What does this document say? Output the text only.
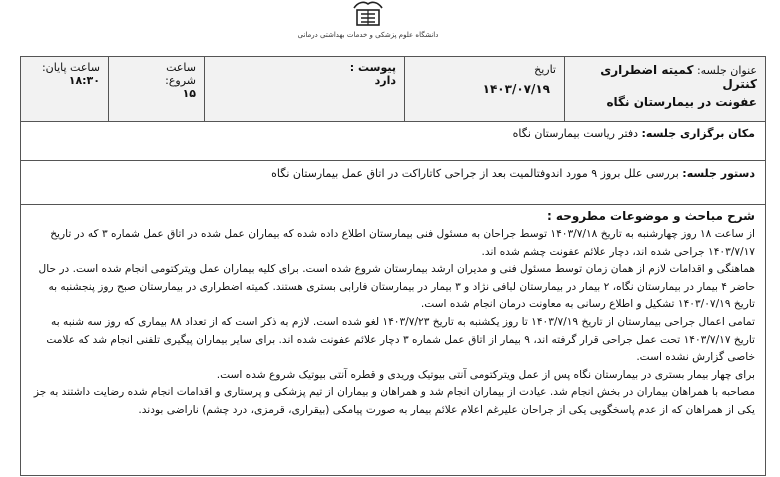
دانشگاه علوم پزشکی و خدمات بهداشتی درمانی
عنوان جلسه: کمیته اضطراری کنترل
عفونت در بیمارستان نگاه
تاریخ
۱۴۰۳/۰۷/۱۹
پیوست :
دارد
ساعت
شروع:
۱۵
ساعت پایان:
۱۸:۳۰
مکان برگزاری جلسه: دفتر ریاست بیمارستان نگاه
دستور جلسه: بررسی علل بروز ۹ مورد اندوفتالمیت بعد از جراحی کاتاراکت در اتاق عمل بیمارستان نگاه
شرح مباحث و موضوعات مطروحه :
از ساعت ۱۸ روز چهارشنبه به تاریخ ۱۴۰۳/۷/۱۸ توسط جراحان به مسئول فنی بیمارستان اطلاع داده شده که بیماران عمل شده در اتاق عمل شماره ۳ که در تاریخ
۱۴۰۳/۷/۱۷ جراحی شده اند، دچار علائم عفونت چشم شده اند.
هماهنگی و اقدامات لازم از همان زمان توسط مسئول فنی و مدیران ارشد بیمارستان شروع شده است. برای کلیه بیماران عمل ویترکتومی انجام شده است. در حال
حاضر ۴ بیمار در بیمارستان نگاه، ۲ بیمار در بیمارستان لبافی نژاد و ۳ بیمار در بیمارستان فارابی بستری هستند. کمیته اضطراری در بیمارستان صبح روز پنجشنبه به
تاریخ ۱۴۰۳/۰۷/۱۹ تشکیل و اطلاع رسانی به معاونت درمان انجام شده است.
تمامی اعمال جراحی بیمارستان از تاریخ ۱۴۰۳/۷/۱۹ تا روز یکشنبه به تاریخ ۱۴۰۳/۷/۲۳ لغو شده است. لازم به ذکر است که از تعداد ۸۸ بیماری که روز سه شنبه به
تاریخ ۱۴۰۳/۷/۱۷ تحت عمل جراحی قرار گرفته اند، ۹ بیمار از اتاق عمل شماره ۳ دچار علائم عفونت شده اند. برای سایر بیماران پیگیری تلفنی انجام شد که علامت
خاصی گزارش نشده است.
برای چهار بیمار بستری در بیمارستان نگاه پس از عمل ویترکتومی آنتی بیوتیک وریدی و قطره آنتی بیوتیک شروع شده است.
مصاحبه با همراهان بیماران در بخش انجام شد. عیادت از بیماران انجام شد و همراهان و بیماران از تیم پزشکی و پرستاری و اقدامات انجام شده رضایت داشتند به جز
یکی از همراهان که از عدم پاسخگویی یکی از جراحان علیرغم اعلام علائم بیمار به صورت پیامکی (بیقراری، قرمزی، درد چشم) ناراضی بودند.
